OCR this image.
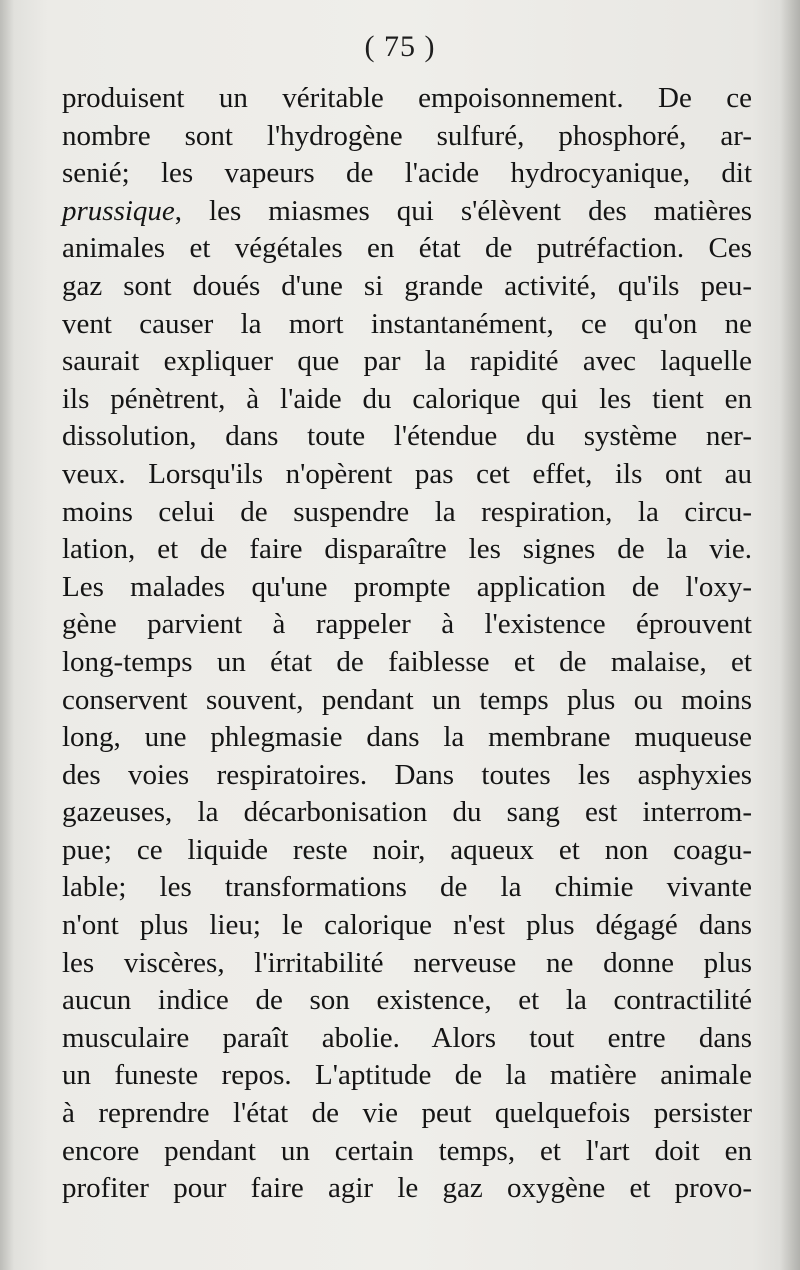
( 75 )
produisent un véritable empoisonnement. De ce
nombre sont l'hydrogène sulfuré, phosphoré, ar-
senié; les vapeurs de l'acide hydrocyanique, dit
prussique, les miasmes qui s'élèvent des matières
animales et végétales en état de putréfaction. Ces
gaz sont doués d'une si grande activité, qu'ils peu-
vent causer la mort instantanément, ce qu'on ne
saurait expliquer que par la rapidité avec laquelle
ils pénètrent, à l'aide du calorique qui les tient en
dissolution, dans toute l'étendue du système ner-
veux. Lorsqu'ils n'opèrent pas cet effet, ils ont au
moins celui de suspendre la respiration, la circu-
lation, et de faire disparaître les signes de la vie.
Les malades qu'une prompte application de l'oxy-
gène parvient à rappeler à l'existence éprouvent
long-temps un état de faiblesse et de malaise, et
conservent souvent, pendant un temps plus ou moins
long, une phlegmasie dans la membrane muqueuse
des voies respiratoires. Dans toutes les asphyxies
gazeuses, la décarbonisation du sang est interrom-
pue; ce liquide reste noir, aqueux et non coagu-
lable; les transformations de la chimie vivante
n'ont plus lieu; le calorique n'est plus dégagé dans
les viscères, l'irritabilité nerveuse ne donne plus
aucun indice de son existence, et la contractilité
musculaire paraît abolie. Alors tout entre dans
un funeste repos. L'aptitude de la matière animale
à reprendre l'état de vie peut quelquefois persister
encore pendant un certain temps, et l'art doit en
profiter pour faire agir le gaz oxygène et provo-
